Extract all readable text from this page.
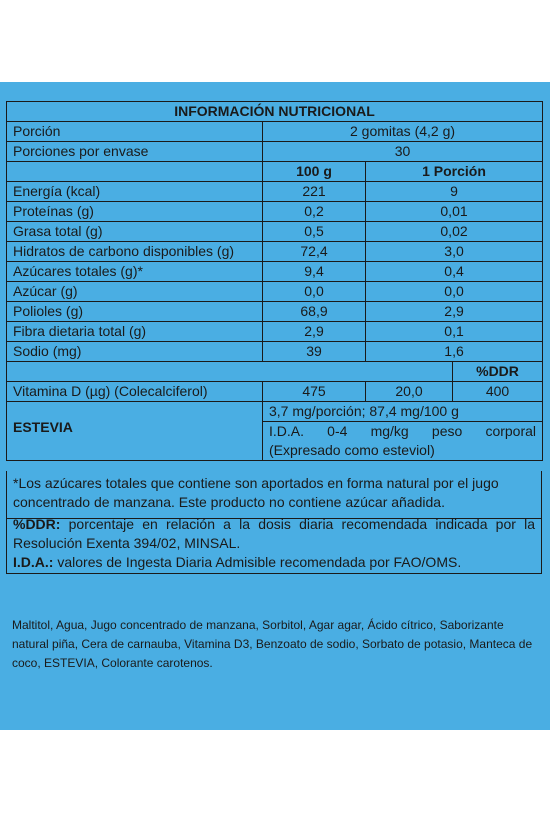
INFORMACIÓN NUTRICIONAL			
Porción	2 gomitas (4,2 g)		
Porciones por envase	30		
	100 g	1 Porción	
Energía (kcal)	221	9	
Proteínas (g)	0,2	0,01	
Grasa total (g)	0,5	0,02	
Hidratos de carbono disponibles (g)	72,4	3,0	
Azúcares totales (g)*	9,4	0,4	
Azúcar (g)	0,0	0,0	
Polioles (g)	68,9	2,9	
Fibra dietaria total (g)	2,9	0,1	
Sodio (mg)	39	1,6	
			%DDR
Vitamina D (µg) (Colecalciferol)	475	20,0	400
ESTEVIA	3,7 mg/porción; 87,4 mg/100 g		
	I.D.A. 0-4 mg/kg peso corporal		
	(Expresado como esteviol)		
*Los azúcares totales que contiene son aportados en forma natural por el jugo concentrado de manzana. Este producto no contiene azúcar añadida.
%DDR: porcentaje en relación a la dosis diaria recomendada indicada por la Resolución Exenta 394/02, MINSAL.
I.D.A.: valores de Ingesta Diaria Admisible recomendada por FAO/OMS.
Maltitol, Agua, Jugo concentrado de manzana, Sorbitol, Agar agar, Ácido cítrico, Saborizante natural piña, Cera de carnauba, Vitamina D3, Benzoato de sodio, Sorbato de potasio, Manteca de coco, ESTEVIA, Colorante carotenos.
